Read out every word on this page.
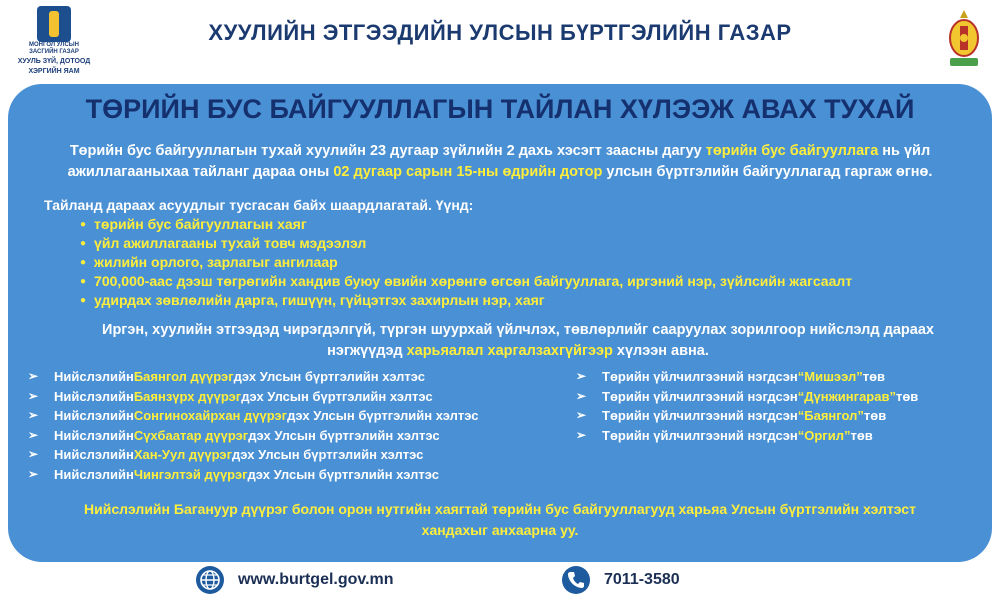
МОНГОЛ УЛСЫН
ЗАСГИЙН ГАЗАР
ХУУЛЬ ЗҮЙ, ДОТООД
ХЭРГИЙН ЯАМ
ХУУЛИЙН ЭТГЭЭДИЙН УЛСЫН БҮРТГЭЛИЙН ГАЗАР
ТӨРИЙН БУС БАЙГУУЛЛАГЫН ТАЙЛАН ХҮЛЭЭЖ АВАХ ТУХАЙ
Төрийн бус байгууллагын тухай хуулийн 23 дугаар зүйлийн 2 дахь хэсэгт заасны дагуу төрийн бус байгууллага нь үйл ажиллагааныхаа тайланг дараа оны 02 дугаар сарын 15-ны өдрийн дотор улсын бүртгэлийн байгууллагад гаргаж өгнө.
Тайланд дараах асуудлыг тусгасан байх шаардлагатай. Үүнд:
● төрийн бус байгууллагын хаяг
● үйл ажиллагааны тухай товч мэдээлэл
● жилийн орлого, зарлагыг ангилаар
● 700,000-аас дээш төгрөгийн хандив буюу өвийн хөрөнгө өгсөн байгууллага, иргэний нэр, зүйлсийн жагсаалт
● удирдах зөвлөлийн дарга, гишүүн, гүйцэтгэх захирлын нэр, хаяг
Иргэн, хуулийн этгээдэд чирэгдэлгүй, түргэн шуурхай үйлчлэх, төвлөрлийг сааруулах зорилгоор нийслэлд дараах нэгжүүдэд харьяалал харгалзахгүйгээр хүлээн авна.
➢	Нийслэлийн Баянгол дүүрэг дэх Улсын бүртгэлийн хэлтэс
➢	Нийслэлийн Баянзүрх дүүрэг дэх Улсын бүртгэлийн хэлтэс
➢	Нийслэлийн Сонгинохайрхан дүүрэг дэх Улсын бүртгэлийн хэлтэс
➢	Нийслэлийн Сүхбаатар дүүрэг дэх Улсын бүртгэлийн хэлтэс
➢	Нийслэлийн Хан-Уул дүүрэг дэх Улсын бүртгэлийн хэлтэс
➢	Нийслэлийн Чингэлтэй дүүрэг дэх Улсын бүртгэлийн хэлтэс
➢	Төрийн үйлчилгээний нэгдсэн “Мишээл” төв
➢	Төрийн үйлчилгээний нэгдсэн “Дүнжингарав” төв
➢	Төрийн үйлчилгээний нэгдсэн “Баянгол” төв
➢	Төрийн үйлчилгээний нэгдсэн “Оргил” төв
Нийслэлийн Багануур дүүрэг болон орон нутгийн хаягтай төрийн бус байгууллагууд харьяа Улсын бүртгэлийн хэлтэст хандахыг анхаарна уу.
www.burtgel.gov.mn	7011-3580
